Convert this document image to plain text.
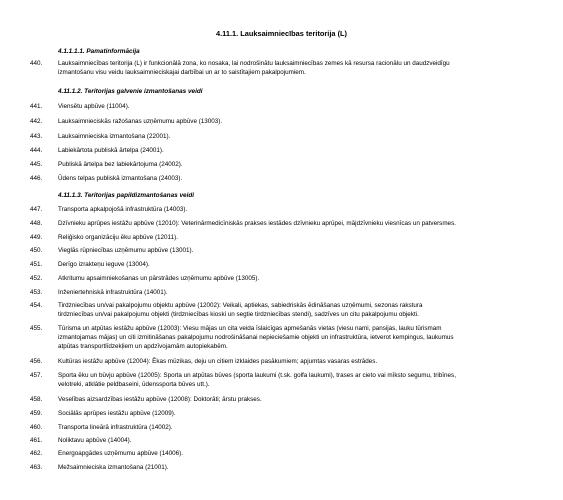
4.11.1. Lauksaimniecības teritorija (L)
4.1.1.1.1. Pamatinformācija
4.11.1.2. Teritorijas galvenie izmantošanas veidi
4.11.1.3. Teritorijas papildizmantošanas veidi
440.	Lauksaimniecības teritorija (L) ir funkcionālā zona, ko nosaka, lai nodrošinātu lauksaimniecības zemes kā resursa racionālu un daudzveidīgu
izmantošanu visu veidu lauksaimnieciskajai darbībai un ar to saistītajiem pakalpojumiem.
441.	Viensētu apbūve (11004).
442.	Lauksaimnieciskās ražošanas uzņēmumu apbūve (13003).
443.	Lauksaimnieciska izmantošana (22001).
444.	Labiekārtota publiskā ārtelpa (24001).
445.	Publiskā ārtelpa bez labiekārtojuma (24002).
446.	Ūdens telpas publiskā izmantošana (24003).
447.	Transporta apkalpojošā infrastruktūra (14003).
448.	Dzīvnieku aprūpes iestāžu apbūve (12010): Veterinārmedicīniskās prakses iestādes dzīvnieku aprūpei, mājdzīvnieku viesnīcas un patversmes.
449.	Reliģisko organizāciju ēku apbūve (12011).
450.	Vieglās rūpniecības uzņēmumu apbūve (13001).
451.	Derīgo izrakteņu ieguve (13004).
452.	Atkritumu apsaimniekošanas un pārstrādes uzņēmumu apbūve (13005).
453.	Inženiertehniskā infrastruktūra (14001).
454.	Tirdzniecības un/vai pakalpojumu objektu apbūve (12002): Veikali, aptiekas, sabiedriskās ēdināšanas uzņēmumi, sezonas rakstura
tirdzniecības un/vai pakalpojumu objekti (tirdzniecības kioski un segtie tirdzniecības stendi), sadzīves un citu pakalpojumu objekti.
455.	Tūrisma un atpūtas iestāžu apbūve (12003): Viesu mājas un cita veida īslaicīgas apmešanās vietas (viesu nami, pansijas, lauku tūrismam
izmantojamas mājas) un citi izmitināšanas pakalpojumu nodrošināšanai nepieciešamie objekti un infrastruktūra, ietverot kempingus, laukumus
atpūtas transportlīdzekļiem un apdzīvojamām autopiekabēm.
456.	Kultūras iestāžu apbūve (12004): Ēkas mūzikas, deju un citiem izklaides pasākumiem; apjumtas vasaras estrādes.
457.	Sporta ēku un būvju apbūve (12005): Sporta un atpūtas būves (sporta laukumi (t.sk. golfa laukumi), trases ar cieto vai mīksto segumu, tribīnes,
velotreki, atklātie peldbaseini, ūdenssporta būves utt.).
458.	Veselības aizsardzības iestāžu apbūve (12008): Doktorāti; ārstu prakses.
459.	Sociālās aprūpes iestāžu apbūve (12009).
460.	Transporta lineārā infrastruktūra (14002).
461.	Noliktavu apbūve (14004).
462.	Energoapgādes uzņēmumu apbūve (14006).
463.	Mežsaimnieciska izmantošana (21001).
